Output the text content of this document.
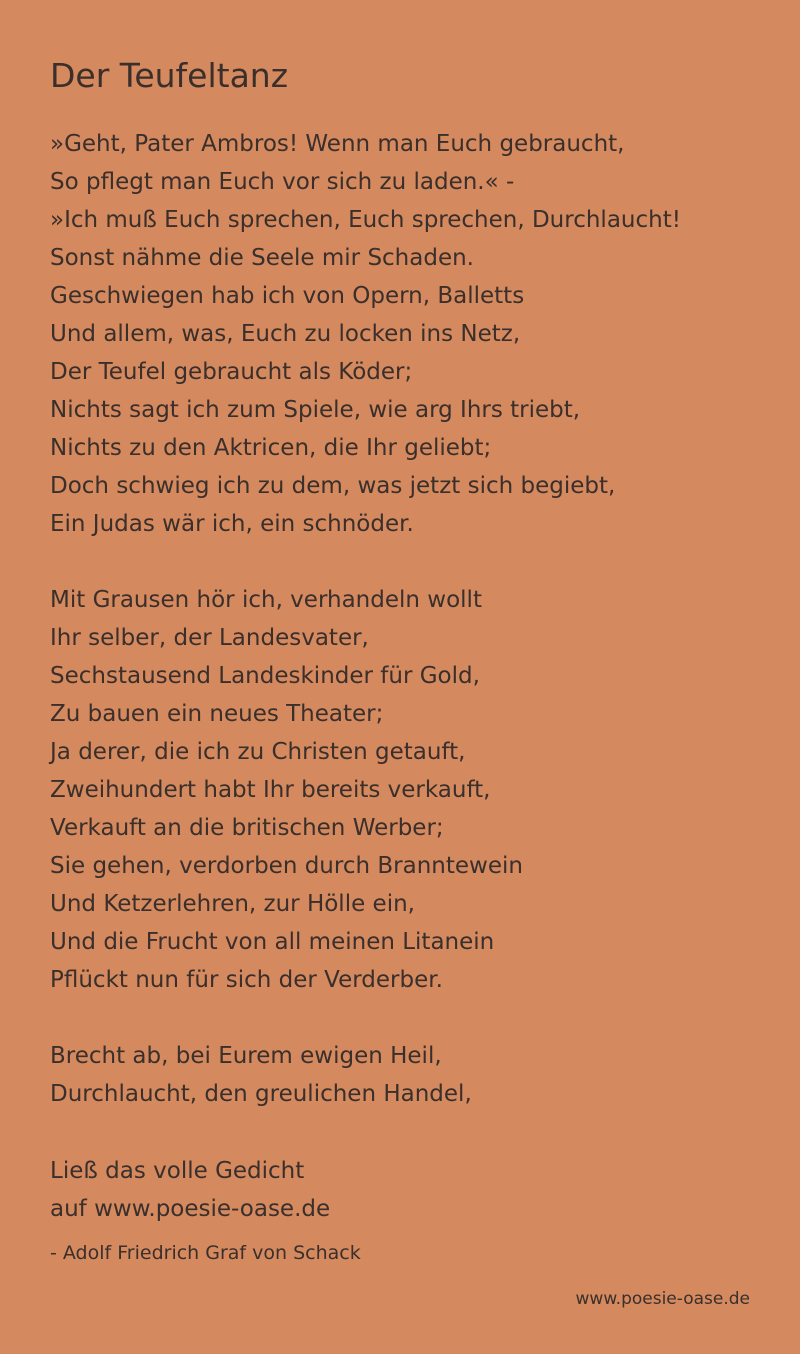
Der Teufeltanz
»Geht, Pater Ambros! Wenn man Euch gebraucht,
So pflegt man Euch vor sich zu laden.« -
»Ich muß Euch sprechen, Euch sprechen, Durchlaucht!
Sonst nähme die Seele mir Schaden.
Geschwiegen hab ich von Opern, Balletts
Und allem, was, Euch zu locken ins Netz,
Der Teufel gebraucht als Köder;
Nichts sagt ich zum Spiele, wie arg Ihrs triebt,
Nichts zu den Aktricen, die Ihr geliebt;
Doch schwieg ich zu dem, was jetzt sich begiebt,
Ein Judas wär ich, ein schnöder.
Mit Grausen hör ich, verhandeln wollt
Ihr selber, der Landesvater,
Sechstausend Landeskinder für Gold,
Zu bauen ein neues Theater;
Ja derer, die ich zu Christen getauft,
Zweihundert habt Ihr bereits verkauft,
Verkauft an die britischen Werber;
Sie gehen, verdorben durch Branntewein
Und Ketzerlehren, zur Hölle ein,
Und die Frucht von all meinen Litanein
Pflückt nun für sich der Verderber.
Brecht ab, bei Eurem ewigen Heil,
Durchlaucht, den greulichen Handel,
Ließ das volle Gedicht
auf www.poesie-oase.de
- Adolf Friedrich Graf von Schack
www.poesie-oase.de
